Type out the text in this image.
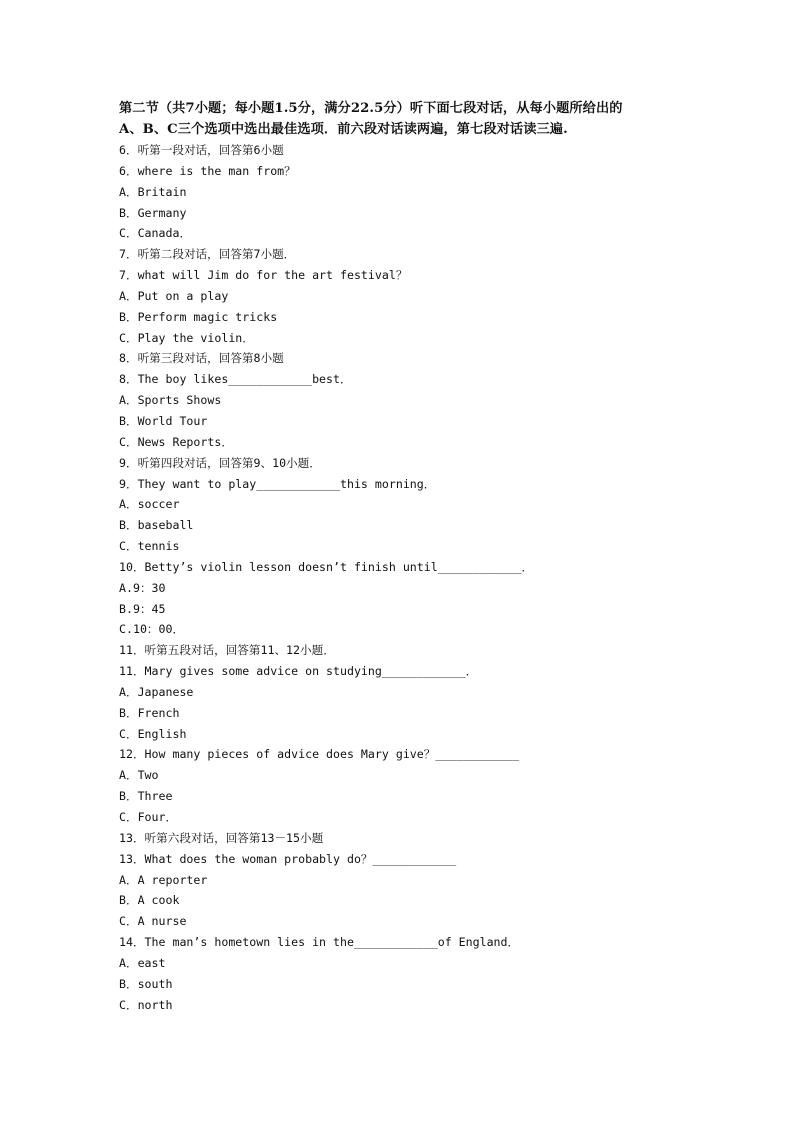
第二节（共7小题；每小题1.5分，满分22.5分）听下面七段对话，从每小题所给出的

A、B、C三个选项中选出最佳选项．前六段对话读两遍，第七段对话读三遍.

6．听第一段对话，回答第6小题

6．where is the man from？

A．Britain

B．Germany

C．Canada．

7．听第二段对话，回答第7小题．

7．what will Jim do for the art festival？

A．Put on a play

B．Perform magic tricks

C．Play the violin．

8．听第三段对话，回答第8小题

8．The boy likes____________best．

A．Sports Shows

B．World Tour

C．News Reports．

9．听第四段对话，回答第9、10小题．

9．They want to play____________this morning．

A．soccer

B．baseball

C．tennis

10．Betty’s violin lesson doesn’t finish until____________．

A.9：30

B.9：45

C.10：00．

11．听第五段对话，回答第11、12小题．

11．Mary gives some advice on studying____________．

A．Japanese

B．French

C．English

12．How many pieces of advice does Mary give？____________

A．Two

B．Three

C．Four．

13．听第六段对话，回答第13－15小题

13．What does the woman probably do？____________

A．A reporter

B．A cook

C．A nurse

14．The man’s hometown lies in the____________of England．

A．east

B．south

C．north
